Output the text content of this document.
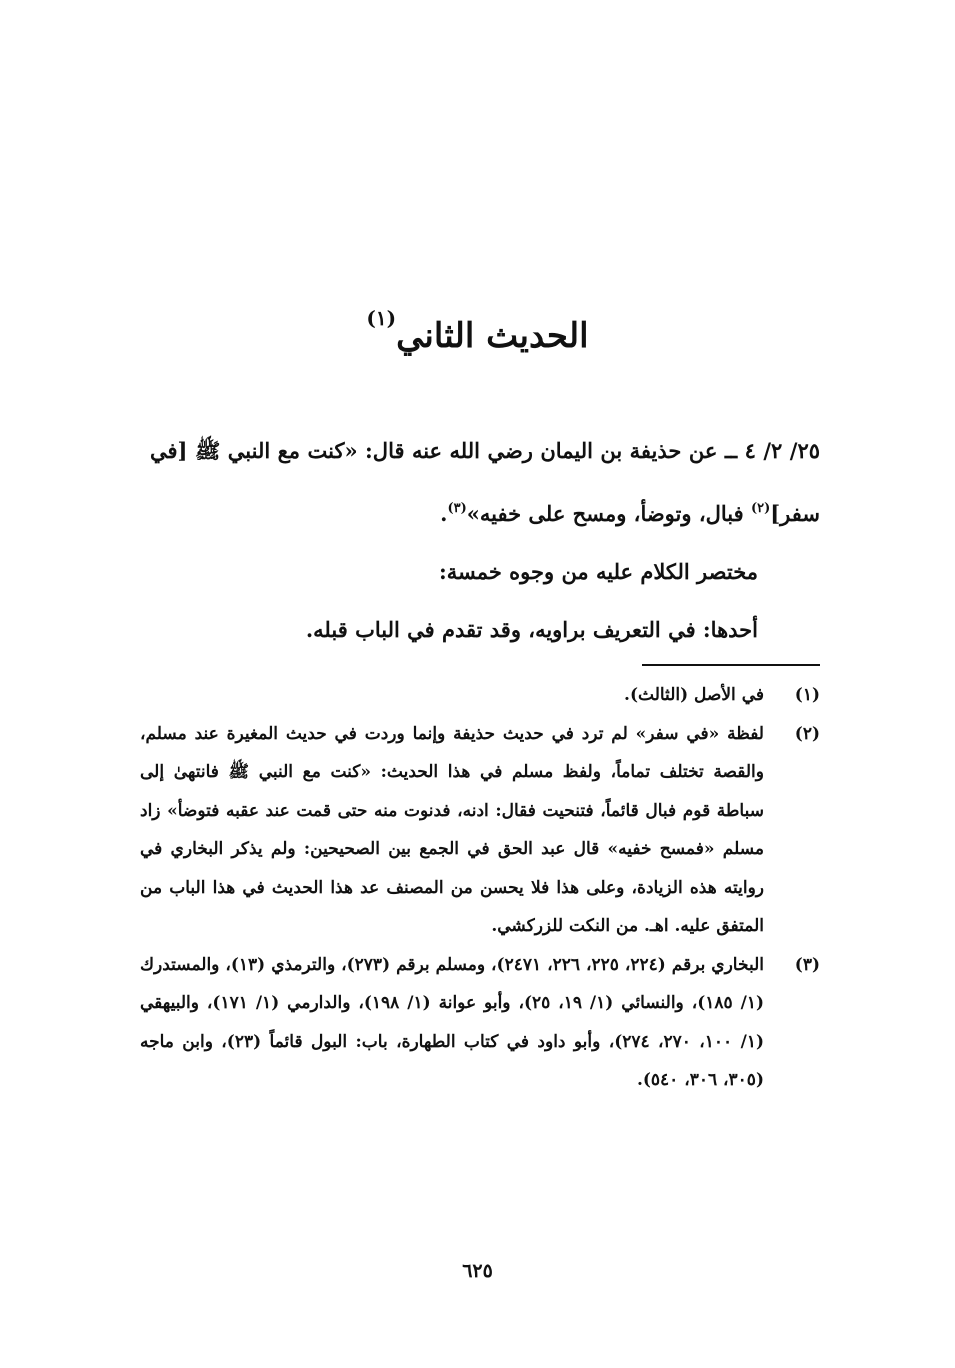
الحديث الثاني$^{(١)}$

٢٥/ ٢/ ٤ ــ عن حذيفة بن اليمان رضي الله عنه قال: «كنت مع النبي ﷺ [في سفر]$^{(٢)}$ فبال، وتوضأ، ومسح على خفيه»$^{(٣)}$.

مختصر الكلام عليه من وجوه خمسة:

أحدها: في التعريف براويه، وقد تقدم في الباب قبله.

(١)
في الأصل (الثالث).
(٢)
لفظة «في سفر» لم ترد في حديث حذيفة وإنما وردت في حديث المغيرة عند مسلم، والقصة تختلف تماماً، ولفظ مسلم في هذا الحديث: «كنت مع النبي ﷺ فانتهىٰ إلى سباطة قوم فبال قائماً، فتنحيت فقال: ادنه، فدنوت منه حتى قمت عند عقبه فتوضأ» زاد مسلم «فمسح خفيه» قال عبد الحق في الجمع بين الصحيحين: ولم يذكر البخاري في روايته هذه الزيادة، وعلى هذا فلا يحسن من المصنف عد هذا الحديث في هذا الباب من المتفق عليه. اهـ. من النكت للزركشي.
(٣)
البخاري برقم (٢٢٤، ٢٢٥، ٢٢٦، ٢٤٧١)، ومسلم برقم (٢٧٣)، والترمذي (١٣)، والمستدرك (١/ ١٨٥)، والنسائي (١/ ١٩، ٢٥)، وأبو عوانة (١/ ١٩٨)، والدارمي (١/ ١٧١)، والبيهقي (١/ ١٠٠، ٢٧٠، ٢٧٤)، وأبو داود في كتاب الطهارة، باب: البول قائماً (٢٣)، وابن ماجه (٣٠٥، ٣٠٦، ٥٤٠).
٦٢٥
